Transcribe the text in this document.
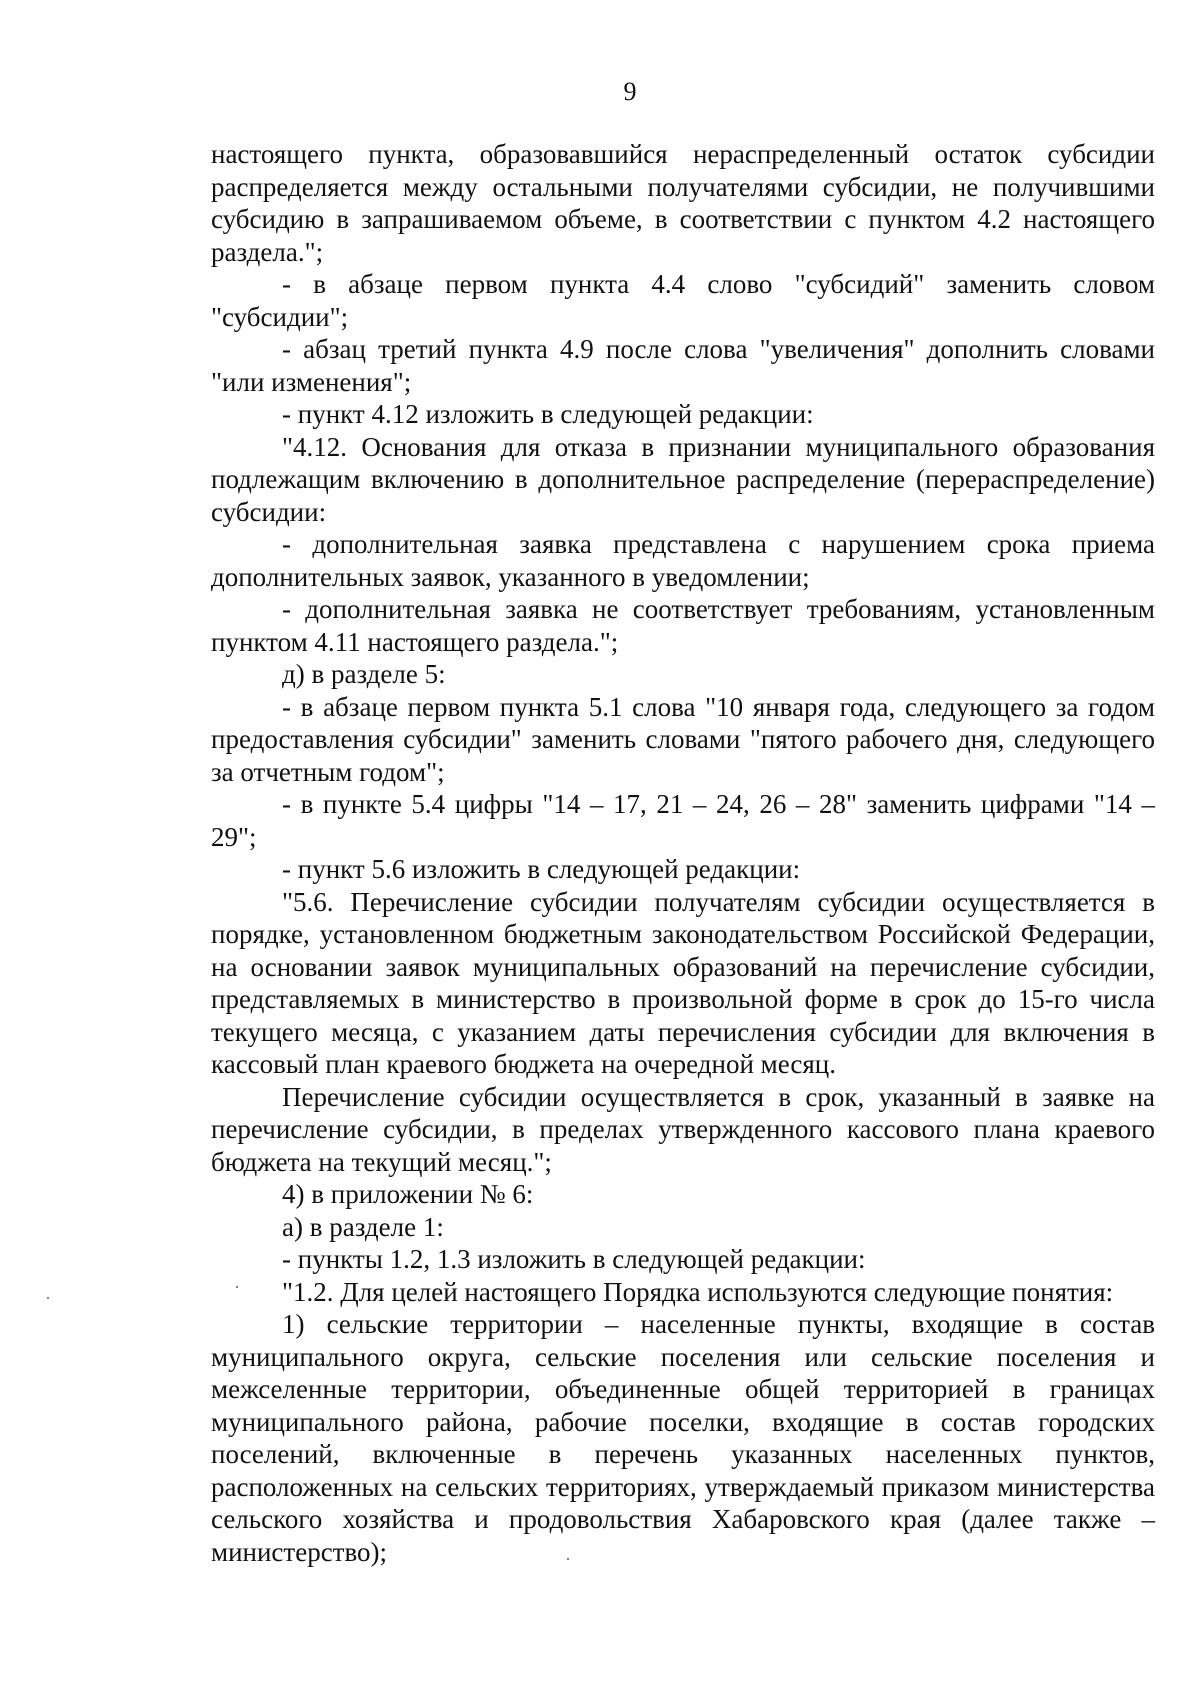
9

настоящего пункта, образовавшийся нераспределенный остаток субсидии распределяется между остальными получателями субсидии, не получившими субсидию в запрашиваемом объеме, в соответствии с пунктом 4.2 настоящего раздела.";

- в абзаце первом пункта 4.4 слово "субсидий" заменить словом "субсидии";

- абзац третий пункта 4.9 после слова "увеличения" дополнить словами "или изменения";

- пункт 4.12 изложить в следующей редакции:

"4.12. Основания для отказа в признании муниципального образования подлежащим включению в дополнительное распределение (перераспределение) субсидии:

- дополнительная заявка представлена с нарушением срока приема дополнительных заявок, указанного в уведомлении;

- дополнительная заявка не соответствует требованиям, установленным пунктом 4.11 настоящего раздела.";

д) в разделе 5:

- в абзаце первом пункта 5.1 слова "10 января года, следующего за годом предоставления субсидии" заменить словами "пятого рабочего дня, следующего за отчетным годом";

- в пункте 5.4 цифры "14 – 17, 21 – 24, 26 – 28" заменить цифрами "14 – 29";

- пункт 5.6 изложить в следующей редакции:

"5.6. Перечисление субсидии получателям субсидии осуществляется в порядке, установленном бюджетным законодательством Российской Федерации, на основании заявок муниципальных образований на перечисление субсидии, представляемых в министерство в произвольной форме в срок до 15-го числа текущего месяца, с указанием даты перечисления субсидии для включения в кассовый план краевого бюджета на очередной месяц.

Перечисление субсидии осуществляется в срок, указанный в заявке на перечисление субсидии, в пределах утвержденного кассового плана краевого бюджета на текущий месяц.";

4) в приложении № 6:

а) в разделе 1:

- пункты 1.2, 1.3 изложить в следующей редакции:

"1.2. Для целей настоящего Порядка используются следующие понятия:

1) сельские территории – населенные пункты, входящие в состав муниципального округа, сельские поселения или сельские поселения и межселенные территории, объединенные общей территорией в границах муниципального района, рабочие поселки, входящие в состав городских поселений, включенные в перечень указанных населенных пунктов, расположенных на сельских территориях, утверждаемый приказом министерства сельского хозяйства и продовольствия Хабаровского края (далее также – министерство);
